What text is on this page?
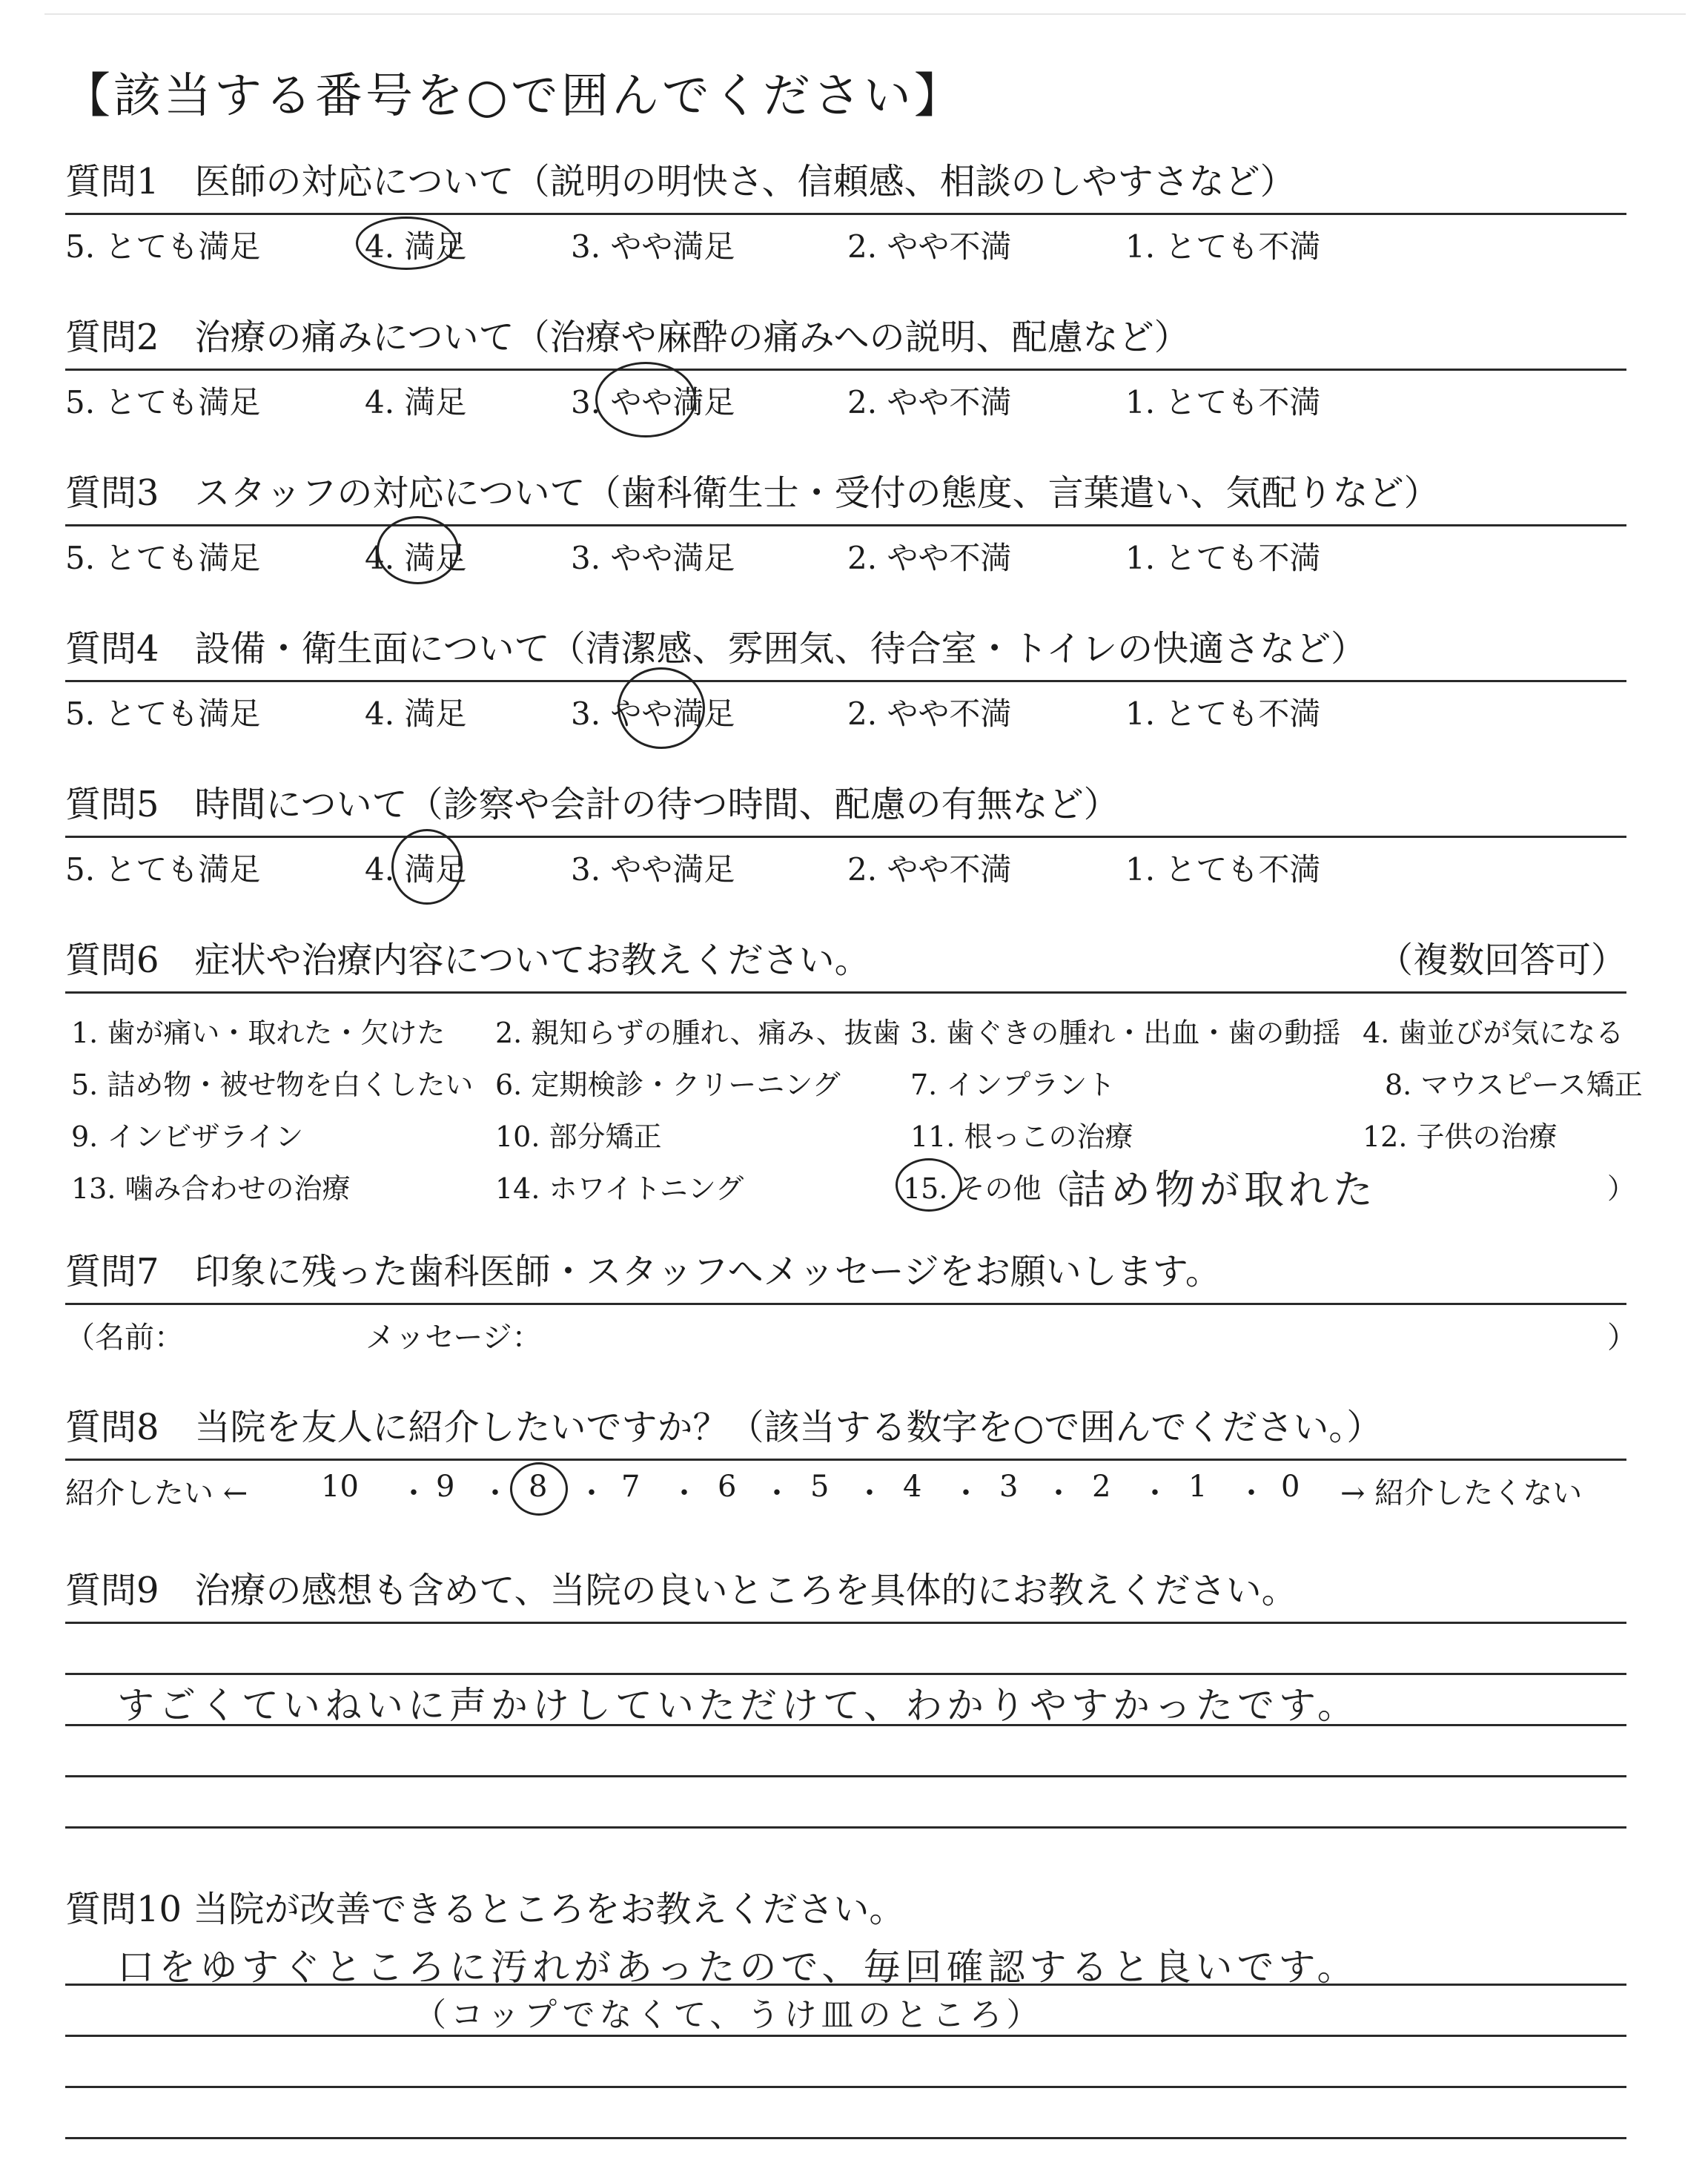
【該当する番号を○で囲んでください】
質問1　医師の対応について（説明の明快さ、信頼感、相談のしやすさなど）
5. とても満足	4. 満足	3. やや満足	2. やや不満	1. とても不満
質問2　治療の痛みについて（治療や麻酔の痛みへの説明、配慮など）
5. とても満足	4. 満足	3. やや満足	2. やや不満	1. とても不満
質問3　スタッフの対応について（歯科衛生士・受付の態度、言葉遣い、気配りなど）
5. とても満足	4. 満足	3. やや満足	2. やや不満	1. とても不満
質問4　設備・衛生面について（清潔感、雰囲気、待合室・トイレの快適さなど）
5. とても満足	4. 満足	3. やや満足	2. やや不満	1. とても不満
質問5　時間について（診察や会計の待つ時間、配慮の有無など）
5. とても満足	4. 満足	3. やや満足	2. やや不満	1. とても不満
質問6　症状や治療内容についてお教えください。	（複数回答可）
1. 歯が痛い・取れた・欠けた 2. 親知らずの腫れ、痛み、抜歯 3. 歯ぐきの腫れ・出血・歯の動揺 4. 歯並びが気になる
5. 詰め物・被せ物を白くしたい 6. 定期検診・クリーニング 7. インプラント	8. マウスピース矯正
9. インビザライン	10. 部分矯正	11. 根っこの治療	12. 子供の治療
13. 噛み合わせの治療	14. ホワイトニング	15. その他（
詰め物が取れた	）
質問7　印象に残った歯科医師・スタッフへメッセージをお願いします。
（名前：	メッセージ：	）
質問8　当院を友人に紹介したいですか？（該当する数字を○で囲んでください。）
紹介したい ← 10 ・ 9 ・ 8 ・ 7 ・ 6 ・ 5 ・ 4 ・ 3 ・ 2 ・ 1 ・ 0 → 紹介したくない
質問9　治療の感想も含めて、当院の良いところを具体的にお教えください。
すごくていねいに声かけしていただけて、わかりやすかったです。
質問10 当院が改善できるところをお教えください。
口をゆすぐところに汚れがあったので、毎回確認すると良いです。
（コップでなくて、うけ皿のところ）
